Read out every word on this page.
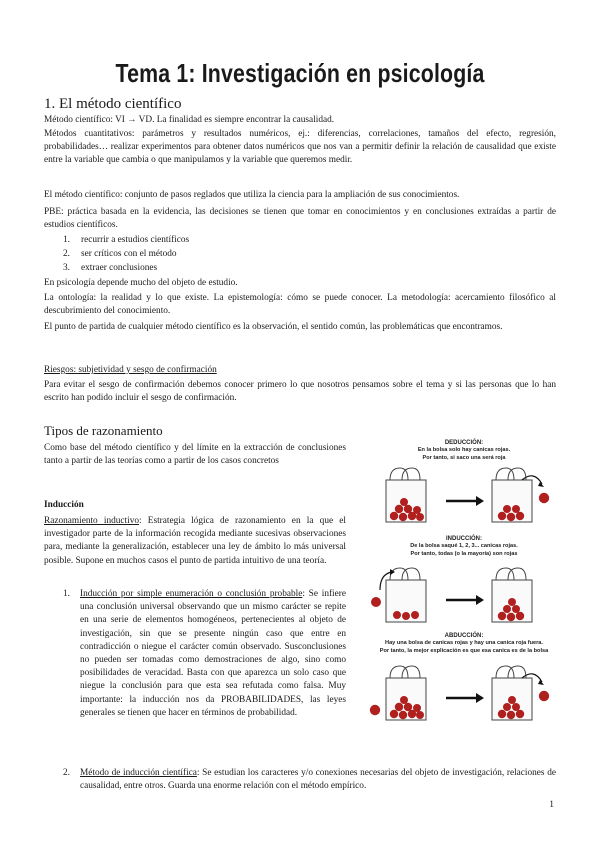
Tema 1: Investigación en psicología
1. El método científico

Método científico: VI → VD. La finalidad es siempre encontrar la causalidad.

Métodos cuantitativos: parámetros y resultados numéricos, ej.: diferencias, correlaciones, tamaños del efecto, regresión, probabilidades… realizar experimentos para obtener datos numéricos que nos van a permitir definir la relación de causalidad que existe entre la variable que cambia o que manipulamos y la variable que queremos medir.

El método científico: conjunto de pasos reglados que utiliza la ciencia para la ampliación de sus conocimientos.

PBE: práctica basada en la evidencia, las decisiones se tienen que tomar en conocimientos y en conclusiones extraídas a partir de estudios científicos.

1. recurrir a estudios científicos
2. ser críticos con el método
3. extraer conclusiones

En psicología depende mucho del objeto de estudio.

La ontología: la realidad y lo que existe. La epistemología: cómo se puede conocer. La metodología: acercamiento filosófico al descubrimiento del conocimiento.

El punto de partida de cualquier método científico es la observación, el sentido común, las problemáticas que encontramos.

Riesgos: subjetividad y sesgo de confirmación

Para evitar el sesgo de confirmación debemos conocer primero lo que nosotros pensamos sobre el tema y si las personas que lo han escrito han podido incluir el sesgo de confirmación.

Tipos de razonamiento

Como base del método científico y del límite en la extracción de conclusiones tanto a partir de las teorías como a partir de los casos concretos

Inducción

Razonamiento inductivo: Estrategia lógica de razonamiento en la que el investigador parte de la información recogida mediante sucesivas observaciones para, mediante la generalización, establecer una ley de ámbito lo más universal posible. Supone en muchos casos el punto de partida intuitivo de una teoría.

1. Inducción por simple enumeración o conclusión probable: Se infiere una conclusión universal observando que un mismo carácter se repite en una serie de elementos homogéneos, pertenecientes al objeto de investigación, sin que se presente ningún caso que entre en contradicción o niegue el carácter común observado. Susconclusiones no pueden ser tomadas como demostraciones de algo, sino como posibilidades de veracidad. Basta con que aparezca un solo caso que niegue la conclusión para que esta sea refutada como falsa. Muy importante: la inducción nos da PROBABILIDADES, las leyes generales se tienen que hacer en términos de probabilidad.

2. Método de inducción científica: Se estudian los caracteres y/o conexiones necesarias del objeto de investigación, relaciones de causalidad, entre otros. Guarda una enorme relación con el método empírico.

DEDUCCIÓN:
En la bolsa solo hay canicas rojas.
Por tanto, si saco una será roja
INDUCCIÓN:
De la bolsa saqué 1, 2, 3... canicas rojas.
Por tanto, todas (o la mayoría) son rojas
ABDUCCIÓN:
Hay una bolsa de canicas rojas y hay una canica roja fuera.
Por tanto, la mejor explicación es que esa canica es de la bolsa
1
